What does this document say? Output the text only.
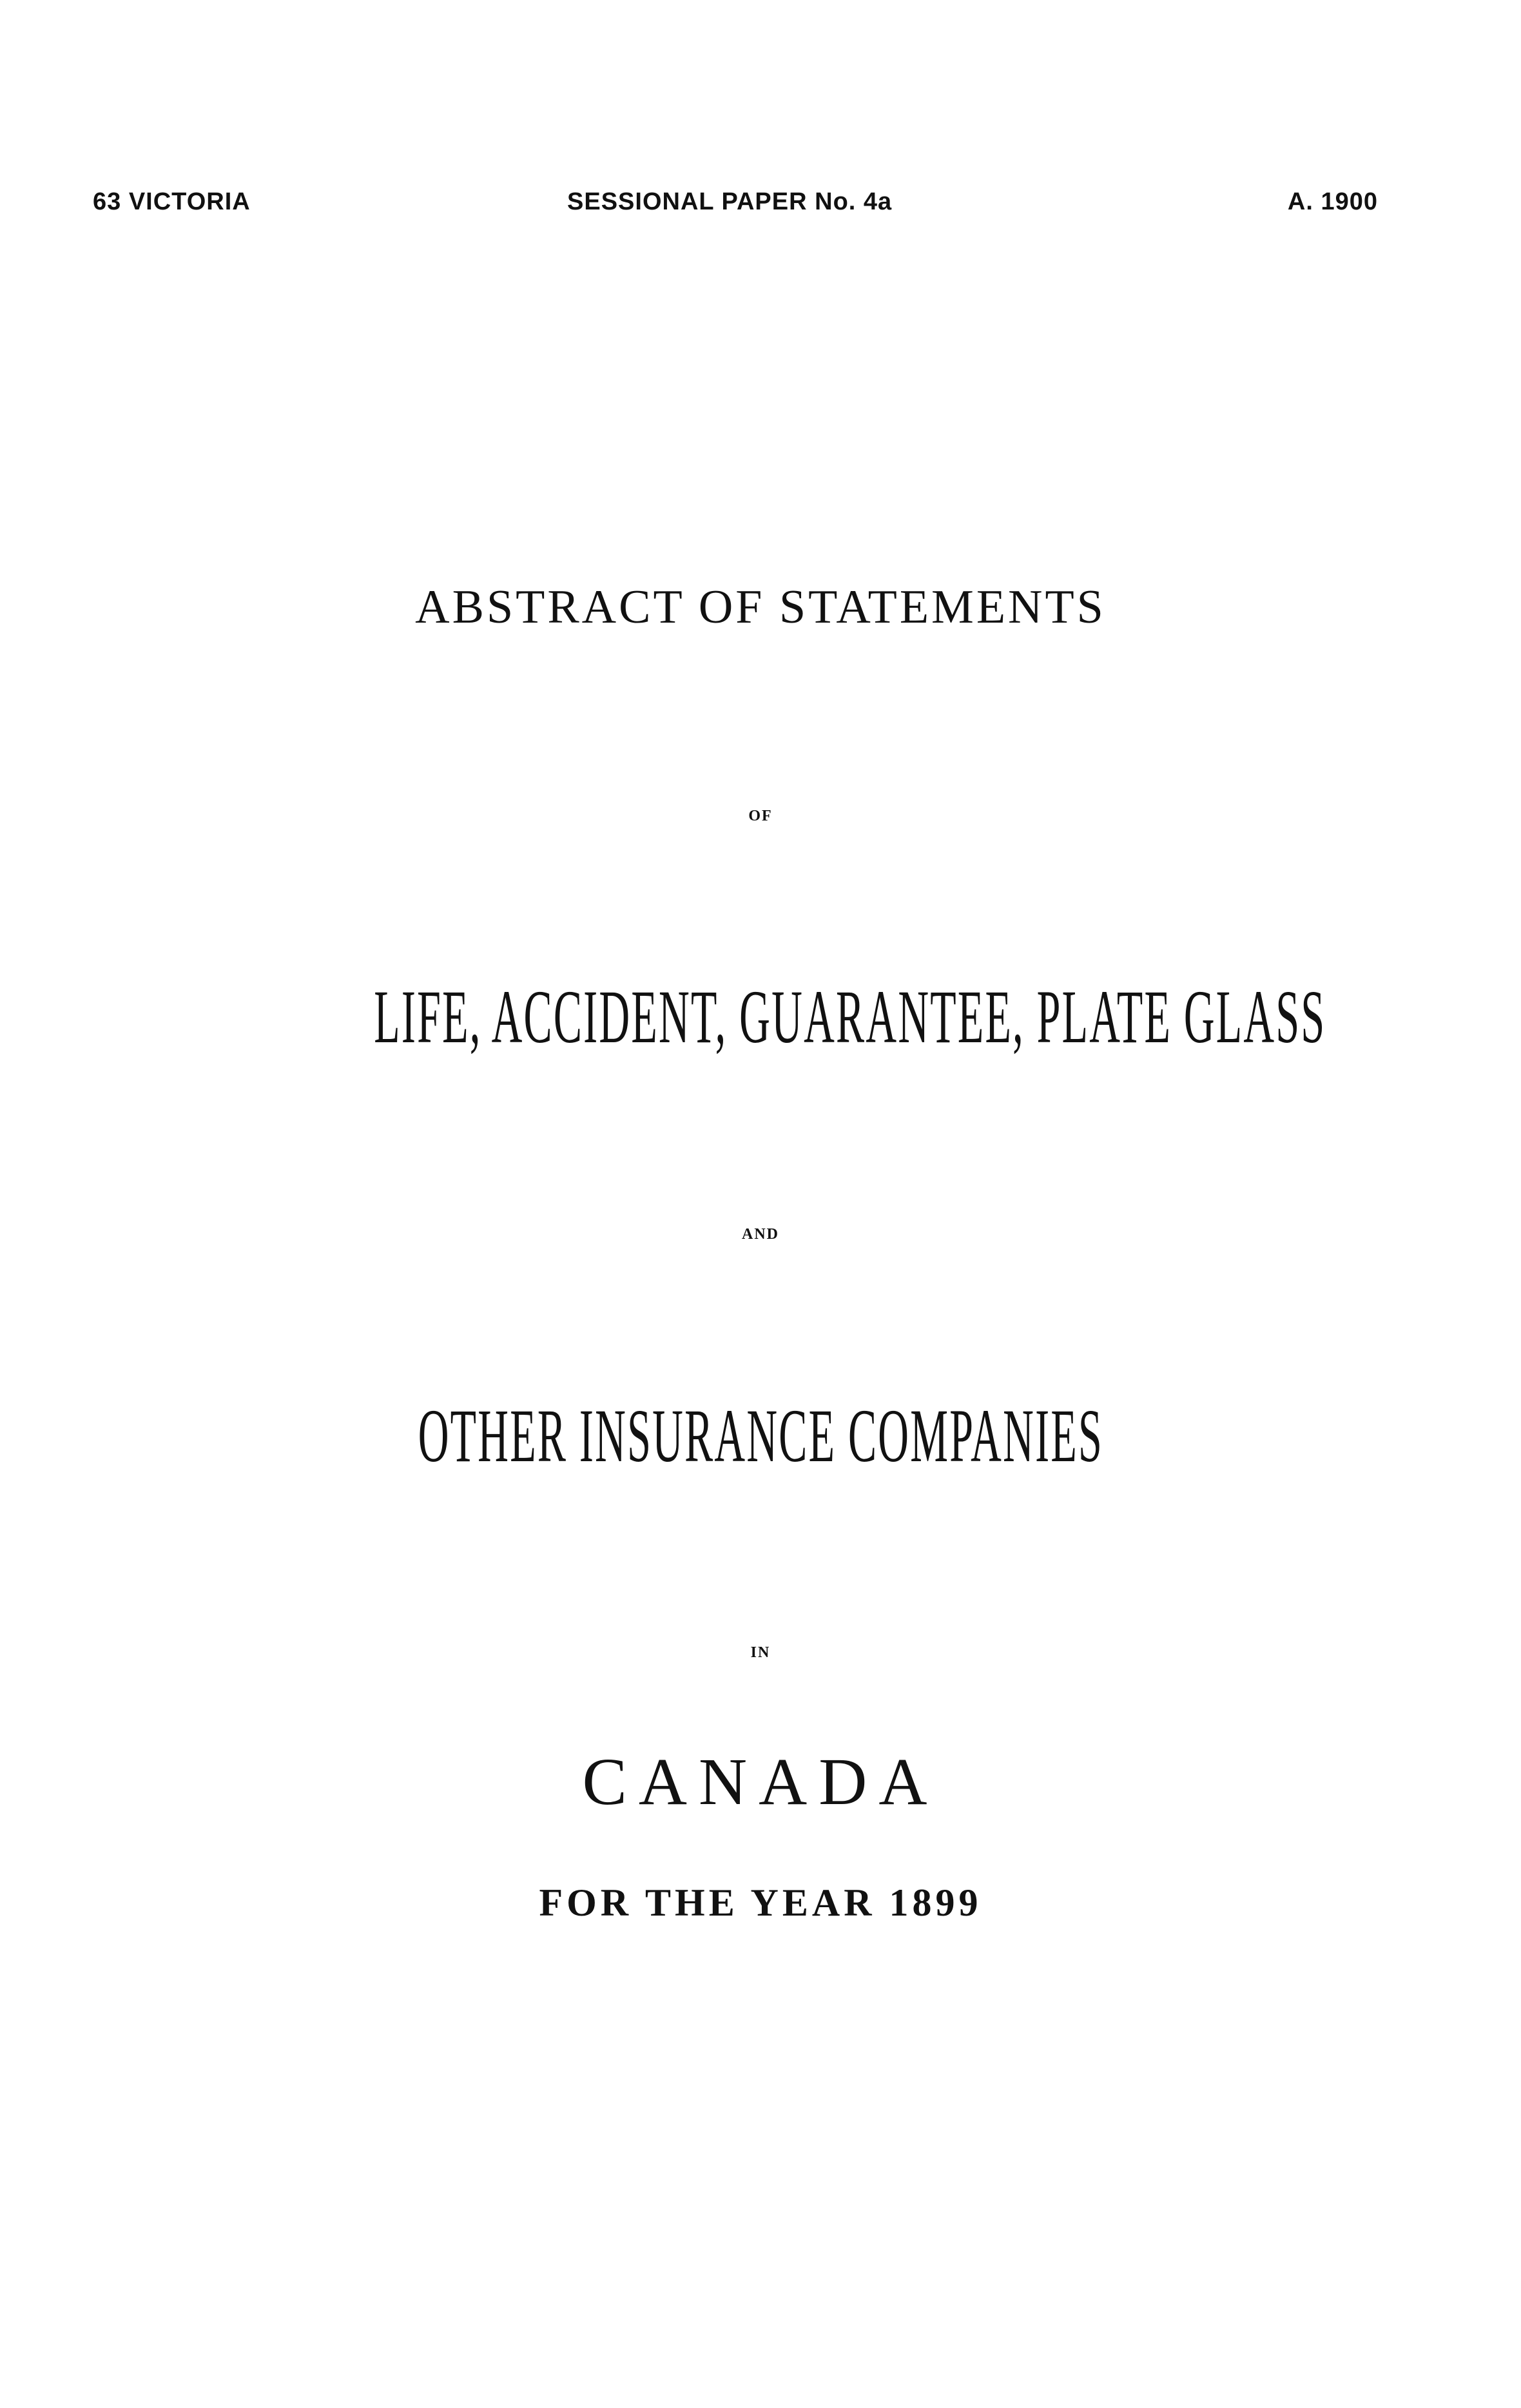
63 VICTORIA	SESSIONAL PAPER No. 4a	A. 1900
ABSTRACT OF STATEMENTS
OF
LIFE, ACCIDENT, GUARANTEE, PLATE GLASS
AND
OTHER INSURANCE COMPANIES
IN
CANADA
FOR THE YEAR 1899
